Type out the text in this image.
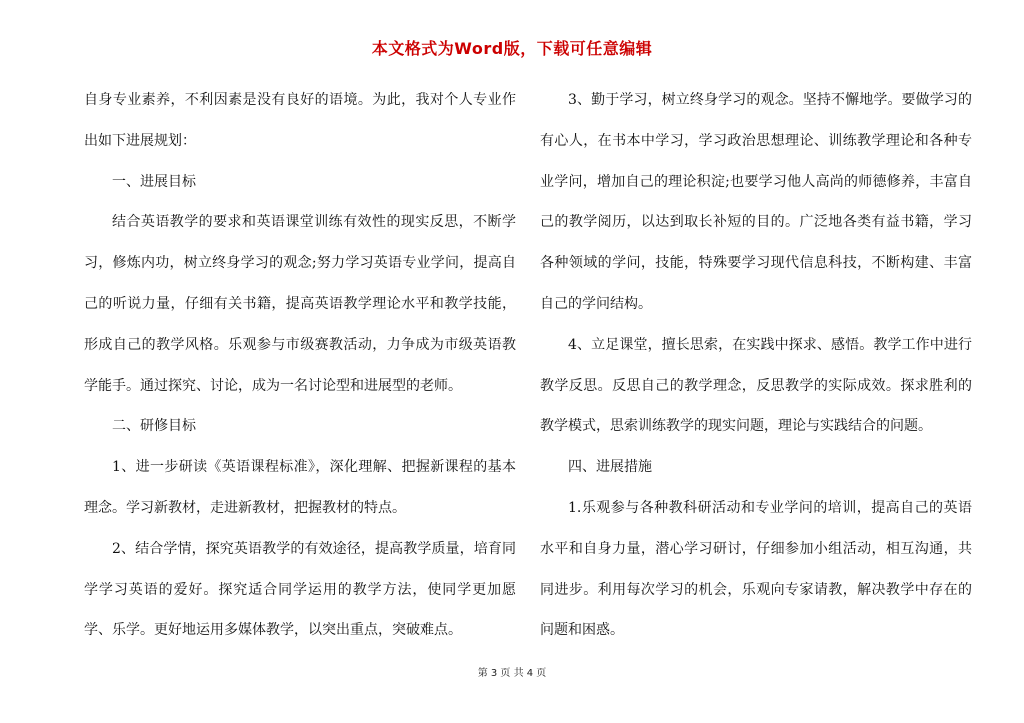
本文格式为Word版，下载可任意编辑

自身专业素养，不利因素是没有良好的语境。为此，我对个人专业作出如下进展规划：

一、进展目标

结合英语教学的要求和英语课堂训练有效性的现实反思，不断学习，修炼内功，树立终身学习的观念;努力学习英语专业学问，提高自己的听说力量，仔细有关书籍，提高英语教学理论水平和教学技能，形成自己的教学风格。乐观参与市级赛教活动，力争成为市级英语教学能手。通过探究、讨论，成为一名讨论型和进展型的老师。

二、研修目标

1、进一步研读《英语课程标准》，深化理解、把握新课程的基本理念。学习新教材，走进新教材，把握教材的特点。

2、结合学情，探究英语教学的有效途径，提高教学质量，培育同学学习英语的爱好。探究适合同学运用的教学方法，使同学更加愿学、乐学。更好地运用多媒体教学，以突出重点，突破难点。

3、勤于学习，树立终身学习的观念。坚持不懈地学。要做学习的有心人，在书本中学习，学习政治思想理论、训练教学理论和各种专业学问，增加自己的理论积淀;也要学习他人高尚的师德修养，丰富自己的教学阅历，以达到取长补短的目的。广泛地各类有益书籍，学习各种领域的学问，技能，特殊要学习现代信息科技，不断构建、丰富自己的学问结构。

4、立足课堂，擅长思索，在实践中探求、感悟。教学工作中进行教学反思。反思自己的教学理念，反思教学的实际成效。探求胜利的教学模式，思索训练教学的现实问题，理论与实践结合的问题。

四、进展措施

1.乐观参与各种教科研活动和专业学问的培训，提高自己的英语水平和自身力量，潜心学习研讨，仔细参加小组活动，相互沟通，共同进步。利用每次学习的机会，乐观向专家请教，解决教学中存在的问题和困惑。

第 3 页 共 4 页
